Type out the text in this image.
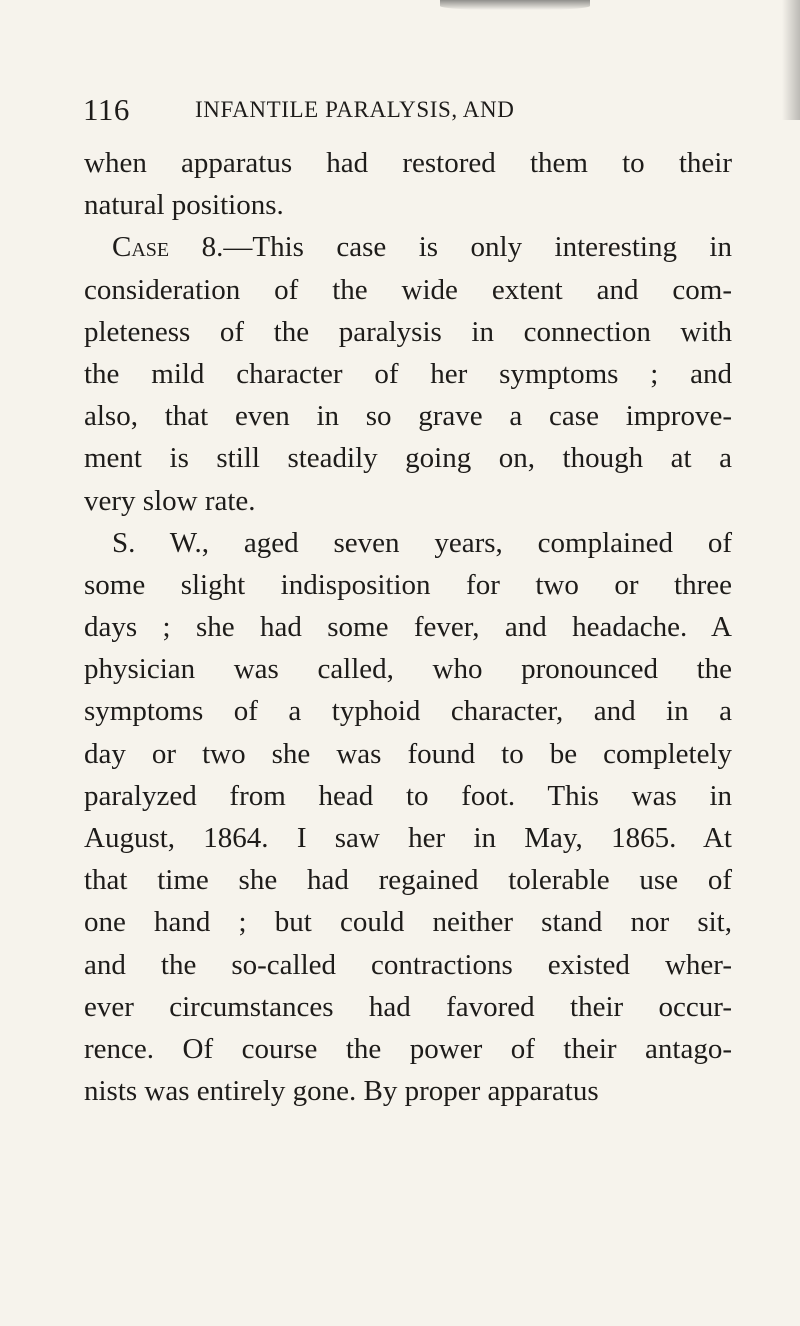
116	INFANTILE PARALYSIS, AND
when apparatus had restored them to their
natural positions.
Case 8.—This case is only interesting in
consideration of the wide extent and com-
pleteness of the paralysis in connection with
the mild character of her symptoms ; and
also, that even in so grave a case improve-
ment is still steadily going on, though at a
very slow rate.
S. W., aged seven years, complained of
some slight indisposition for two or three
days ; she had some fever, and headache. A
physician was called, who pronounced the
symptoms of a typhoid character, and in a
day or two she was found to be completely
paralyzed from head to foot. This was in
August, 1864. I saw her in May, 1865. At
that time she had regained tolerable use of
one hand ; but could neither stand nor sit,
and the so-called contractions existed wher-
ever circumstances had favored their occur-
rence. Of course the power of their antago-
nists was entirely gone. By proper apparatus
